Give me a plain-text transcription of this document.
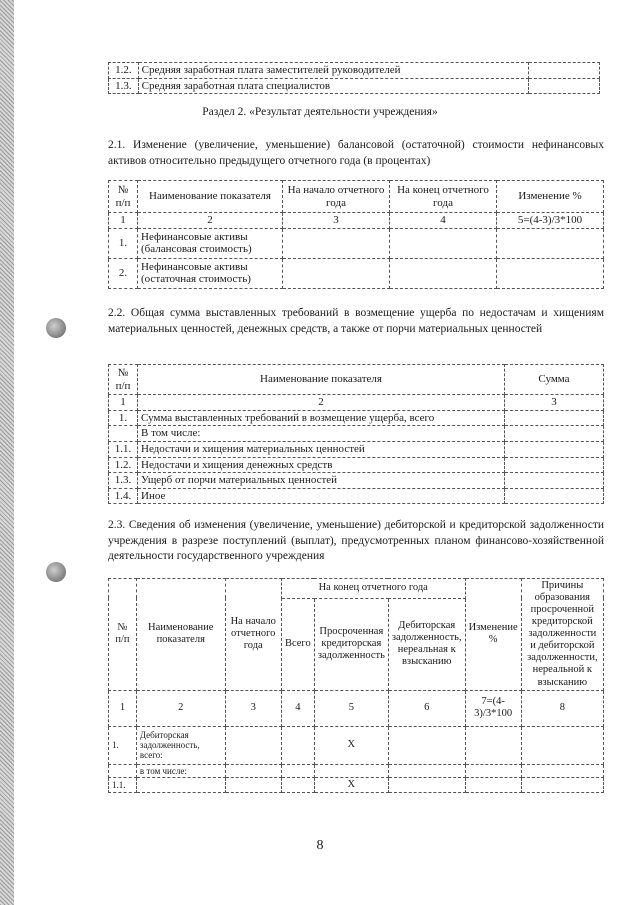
1.2.	Средняя заработная плата заместителей руководителей	
1.3.	Средняя заработная плата специалистов	
Раздел 2. «Результат деятельности учреждения»
2.1. Изменение (увеличение, уменьшение) балансовой (остаточной) стоимости нефинансовых активов относительно предыдущего отчетного года (в процентах)
№ п/п	Наименование показателя	На начало отчетного года	На конец отчетного года	Изменение %
1	2	3	4	5=(4-3)/3*100
1.	Нефинансовые активы (балансовая стоимость)			
2.	Нефинансовые активы (остаточная стоимость)			
2.2. Общая сумма выставленных требований в возмещение ущерба по недостачам и хищениям материальных ценностей, денежных средств, а также от порчи материальных ценностей
№ п/п	Наименование показателя	Сумма
1	2	3
1.	Сумма выставленных требований в возмещение ущерба, всего	
	В том числе:	
1.1.	Недостачи и хищения материальных ценностей	
1.2.	Недостачи и хищения денежных средств	
1.3.	Ущерб от порчи материальных ценностей	
1.4.	Иное	
2.3. Сведения об изменения (увеличение, уменьшение) дебиторской и кредиторской задолженности учреждения в разрезе поступлений (выплат), предусмотренных планом финансово-хозяйственной деятельности государственного учреждения
№ п/п	Наименование показателя	На начало отчетного года	На конец отчетного года			Изменение %	Причины образования просроченной кредиторской задолженности и дебиторской задолженности, нереальной к взысканию
			Всего	Просроченная кредиторская задолженность	Дебиторская задолженность, нереальная к взысканию		
1	2	3	4	5	6	7=(4-3)/3*100	8
1.	Дебиторская задолженность, всего:			X			
	в том числе:						
1.1.				X			
8
